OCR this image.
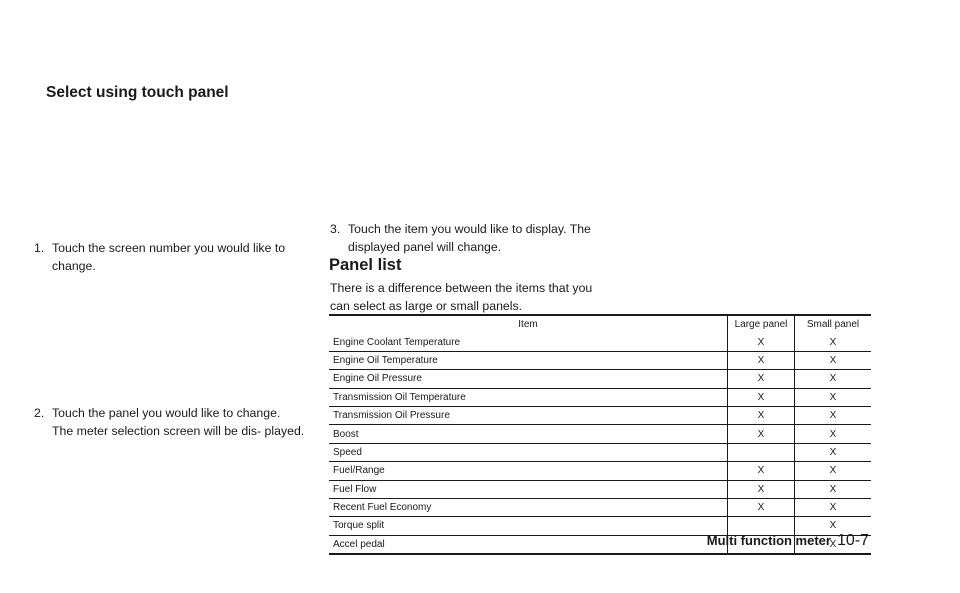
Select using touch panel

1. Touch the screen number you would like to
change.

2. Touch the panel you would like to change.
The meter selection screen will be dis- played.

3. Touch the item you would like to display. The
displayed panel will change.

Panel list

There is a difference between the items that you can select as large or small panels.

Item	Large panel	Small panel
Engine Coolant Temperature	X	X
Engine Oil Temperature	X	X
Engine Oil Pressure	X	X
Transmission Oil Temperature	X	X
Transmission Oil Pressure	X	X
Boost	X	X
Speed		X
Fuel/Range	X	X
Fuel Flow	X	X
Recent Fuel Economy	X	X
Torque split		X
Accel pedal		X
Multi function meter 10-7
